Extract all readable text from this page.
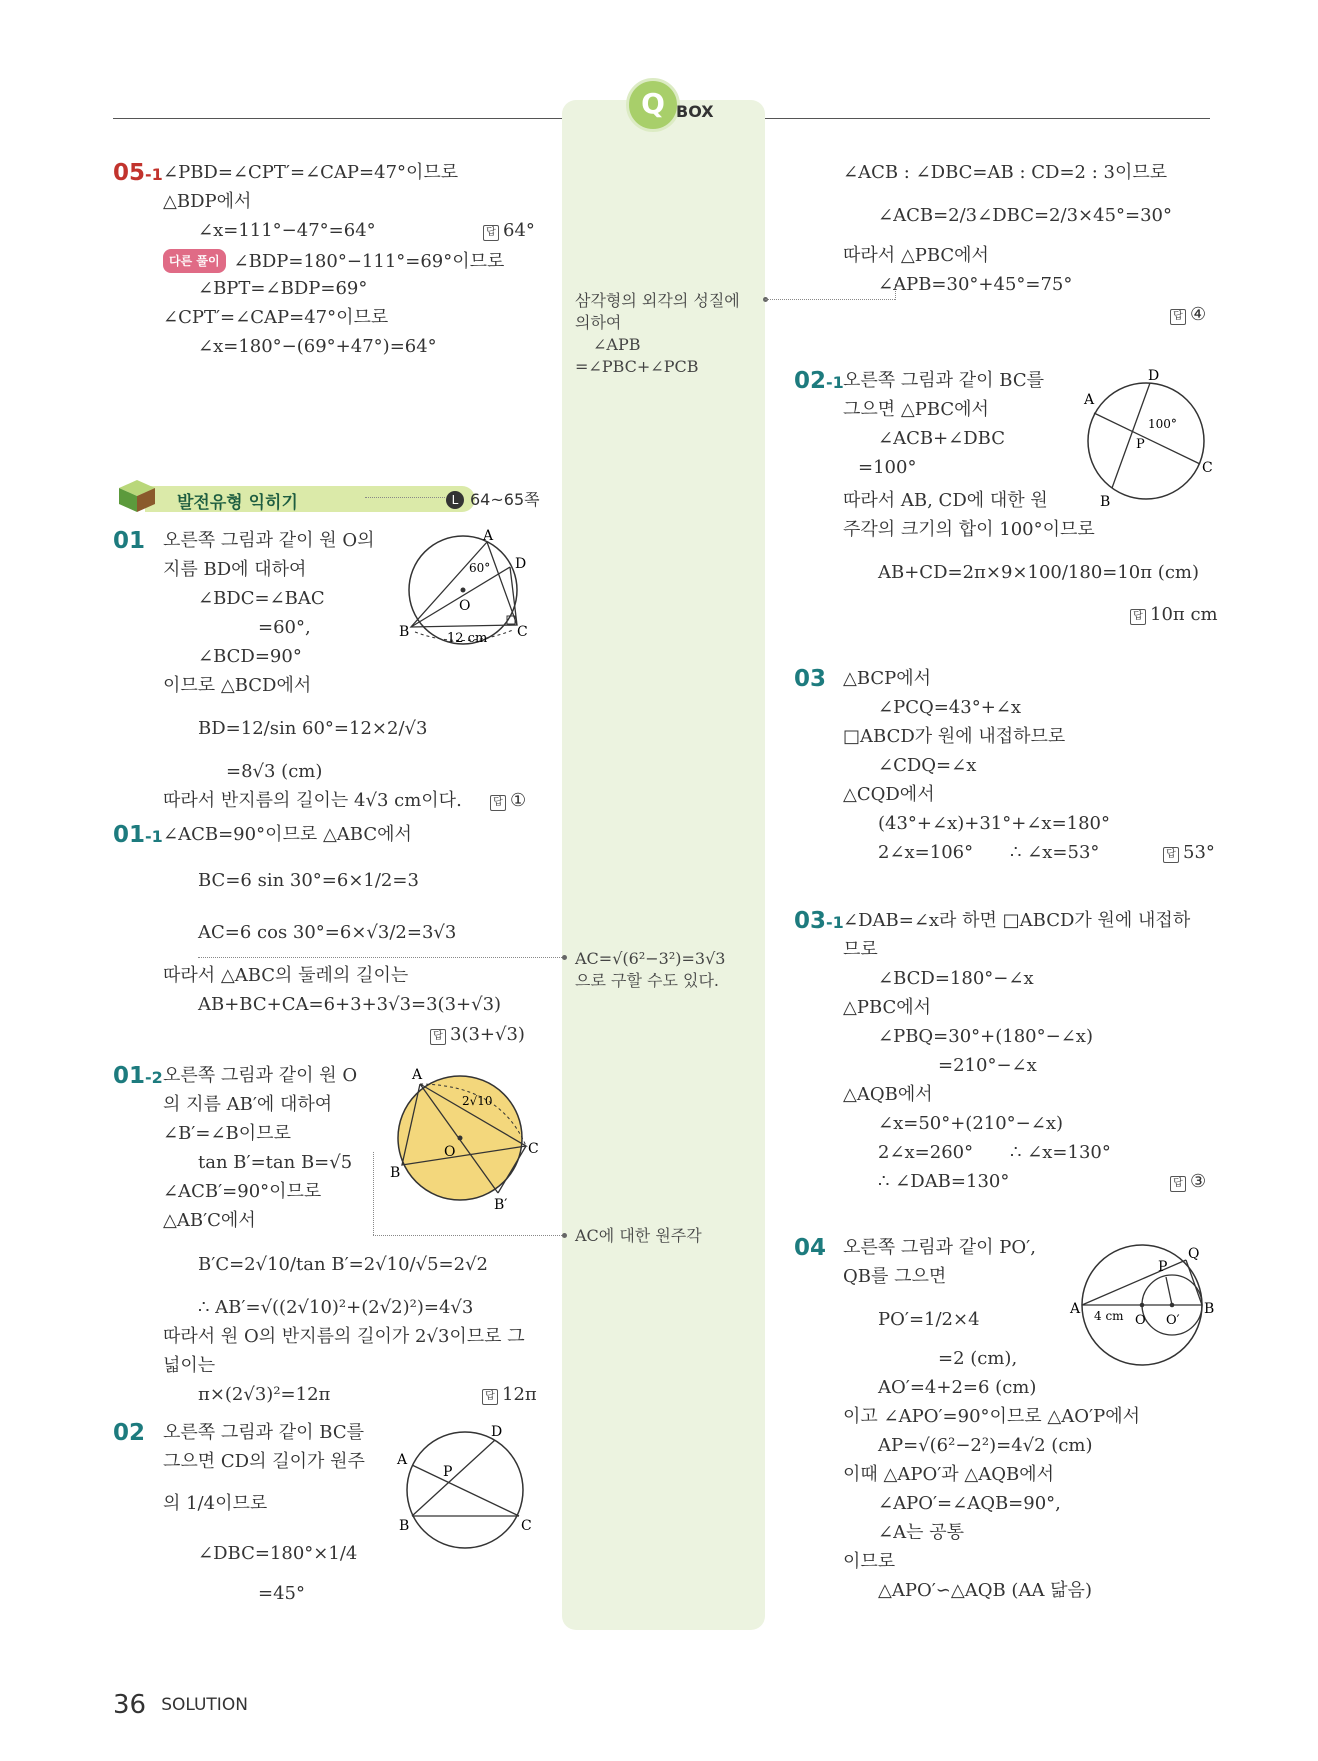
Q BOX
05-1 ∠PBD=∠CPT′=∠CAP=47°이므로
△BDP에서
∠x=111°−47°=64°	답 64°
다른 풀이 ∠BDP=180°−111°=69°이므로
∠BPT=∠BDP=69°
∠CPT′=∠CAP=47°이므로
∠x=180°−(69°+47°)=64°
발전유형 익히기	L 64~65쪽
01 오른쪽 그림과 같이 원 O의
지름 BD에 대하여
∠BDC=∠BAC
=60°,
∠BCD=90°
이므로 △BCD에서
BD=12/sin 60°=12×2/√3
=8√3 (cm)
따라서 반지름의 길이는 4√3 cm이다.	답 ①
A
B	C
D
O
60°
12 cm
01-1 ∠ACB=90°이므로 △ABC에서
BC=6 sin 30°=6×1/2=3
AC=6 cos 30°=6×√3/2=3√3
따라서 △ABC의 둘레의 길이는
AB+BC+CA=6+3+3√3=3(3+√3)
답 3(3+√3)
01-2 오른쪽 그림과 같이 원 O
의 지름 AB′에 대하여
∠B′=∠B이므로
tan B′=tan B=√5
∠ACB′=90°이므로
△AB′C에서
B′C=2√10/tan B′=2√10/√5=2√2
∴ AB′=√((2√10)²+(2√2)²)=4√3
따라서 원 O의 반지름의 길이가 2√3이므로 그
넓이는
π×(2√3)²=12π	답 12π
A
B
C
B′
O
2√10
02 오른쪽 그림과 같이 BC를
그으면 CD의 길이가 원주
의 1/4이므로
∠DBC=180°×1/4
=45°
A
B	C
D
P
삼각형의 외각의 성질에
의하여
∠APB
=∠PBC+∠PCB
AC=√(6²−3²)=3√3
으로 구할 수도 있다.
AC에 대한 원주각
∠ACB : ∠DBC=AB : CD=2 : 3이므로
∠ACB=2/3∠DBC=2/3×45°=30°
따라서 △PBC에서
∠APB=30°+45°=75°
답 ④
02-1 오른쪽 그림과 같이 BC를
그으면 △PBC에서
∠ACB+∠DBC
=100°
따라서 AB, CD에 대한 원
주각의 크기의 합이 100°이므로
AB+CD=2π×9×100/180=10π (cm)
답 10π cm
A
B
C
D
P
100°
03 △BCP에서
∠PCQ=43°+∠x
□ABCD가 원에 내접하므로
∠CDQ=∠x
△CQD에서
(43°+∠x)+31°+∠x=180°
2∠x=106° ∴ ∠x=53°	답 53°
03-1 ∠DAB=∠x라 하면 □ABCD가 원에 내접하
므로
∠BCD=180°−∠x
△PBC에서
∠PBQ=30°+(180°−∠x)
=210°−∠x
△AQB에서
∠x=50°+(210°−∠x)
2∠x=260° ∴ ∠x=130°
∴ ∠DAB=130°	답 ③
04 오른쪽 그림과 같이 PO′,
QB를 그으면
PO′=1/2×4
=2 (cm),
AO′=4+2=6 (cm)
이고 ∠APO′=90°이므로 △AO′P에서
AP=√(6²−2²)=4√2 (cm)
이때 △APO′과 △AQB에서
∠APO′=∠AQB=90°,
∠A는 공통
이므로
△APO′∽△AQB (AA 닮음)
A	B
P
Q
O O′
4 cm
36 SOLUTION
